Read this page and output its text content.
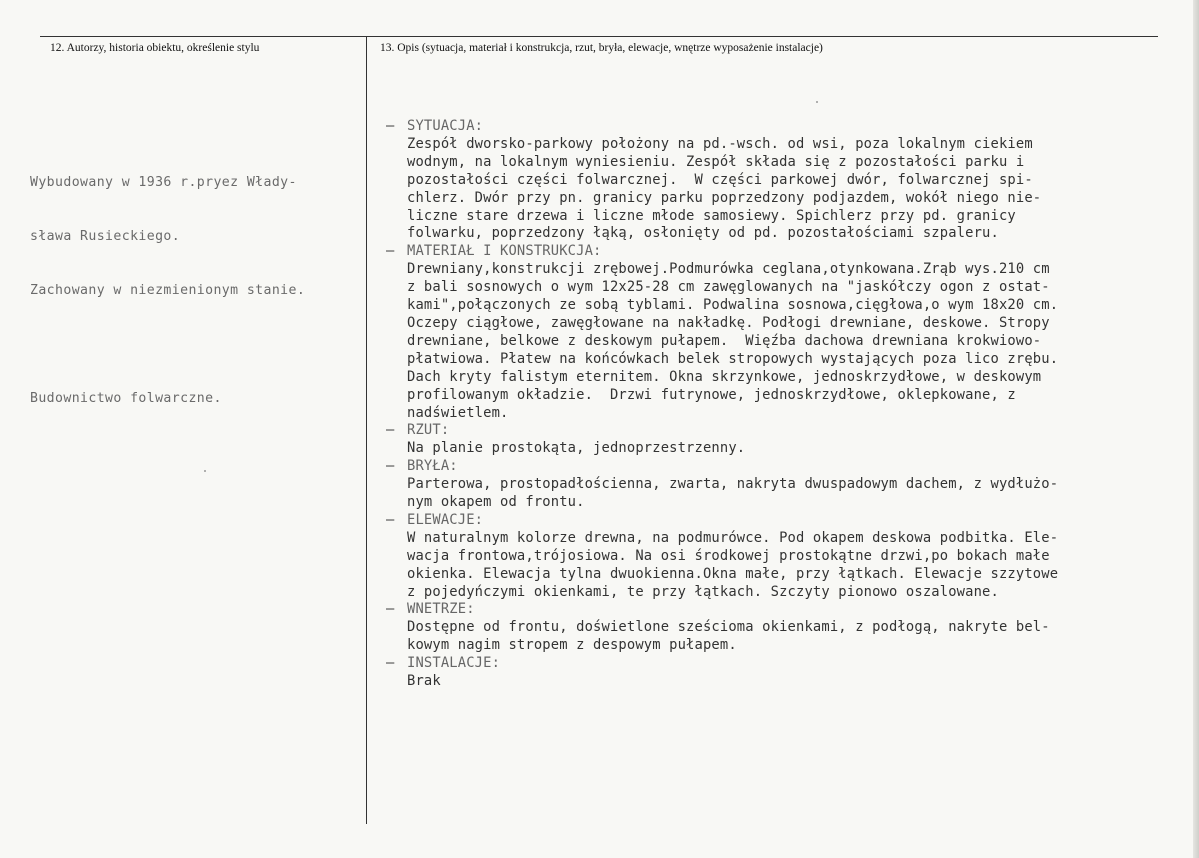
12. Autorzy, historia obiektu, określenie stylu	13. Opis (sytuacja, materiał i konstrukcja, rzut, bryła, elewacje, wnętrze wyposażenie instalacje)

Wybudowany w 1936 r.pryez Włady-

sława Rusieckiego.

Zachowany w niezmienionym stanie.

Budownictwo folwarczne.

– SYTUACJA:
Zespół dworsko-parkowy położony na pd.-wsch. od wsi, poza lokalnym ciekiem
wodnym, na lokalnym wyniesieniu. Zespół składa się z pozostałości parku i
pozostałości części folwarcznej.  W części parkowej dwór, folwarcznej spi-
chlerz. Dwór przy pn. granicy parku poprzedzony podjazdem, wokół niego nie-
liczne stare drzewa i liczne młode samosiewy. Spichlerz przy pd. granicy
folwarku, poprzedzony łąką, osłonięty od pd. pozostałościami szpaleru.
– MATERIAŁ I KONSTRUKCJA:
Drewniany,konstrukcji zrębowej.Podmurówka ceglana,otynkowana.Zrąb wys.210 cm
z bali sosnowych o wym 12x25-28 cm zawęglowanych na "jaskółczy ogon z ostat-
kami",połączonych ze sobą tyblami. Podwalina sosnowa,cięgłowa,o wym 18x20 cm.
Oczepy ciągłowe, zawęgłowane na nakładkę. Podłogi drewniane, deskowe. Stropy
drewniane, belkowe z deskowym pułapem.  Więźba dachowa drewniana krokwiowo-
płatwiowa. Płatew na końcówkach belek stropowych wystających poza lico zrębu.
Dach kryty falistym eternitem. Okna skrzynkowe, jednoskrzydłowe, w deskowym
profilowanym okładzie.  Drzwi futrynowe, jednoskrzydłowe, oklepkowane, z
nadświetlem.
– RZUT:
Na planie prostokąta, jednoprzestrzenny.
– BRYŁA:
Parterowa, prostopadłościenna, zwarta, nakryta dwuspadowym dachem, z wydłużo-
nym okapem od frontu.
– ELEWACJE:
W naturalnym kolorze drewna, na podmurówce. Pod okapem deskowa podbitka. Ele-
wacja frontowa,trójosiowa. Na osi środkowej prostokątne drzwi,po bokach małe
okienka. Elewacja tylna dwuokienna.Okna małe, przy łątkach. Elewacje szzytowe
z pojedyńczymi okienkami, te przy łątkach. Szczyty pionowo oszalowane.
– WNETRZE:
Dostępne od frontu, doświetlone sześcioma okienkami, z podłogą, nakryte bel-
kowym nagim stropem z despowym pułapem.
– INSTALACJE:
Brak
